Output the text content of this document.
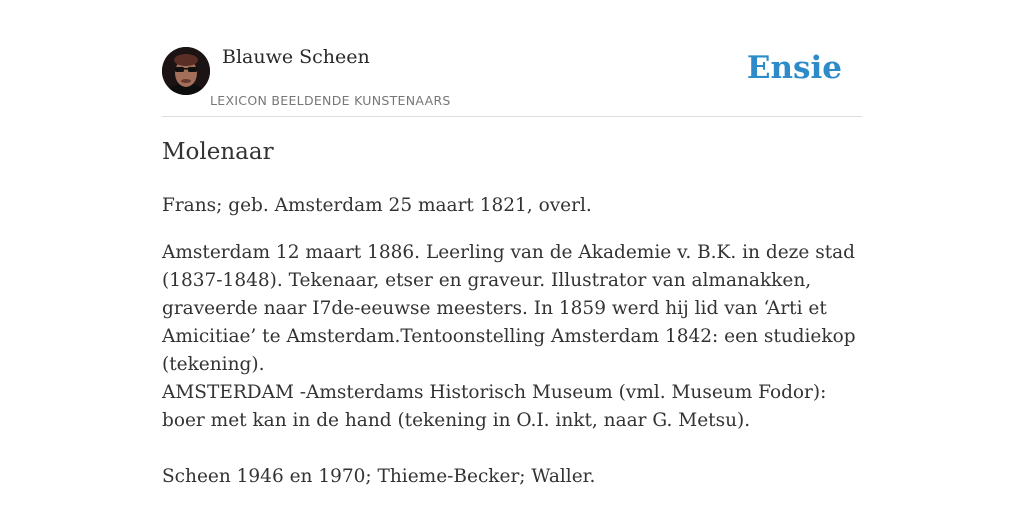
Blauwe Scheen
LEXICON BEELDENDE KUNSTENAARS
Ensie
Molenaar

Frans; geb. Amsterdam 25 maart 1821, overl.

Amsterdam 12 maart 1886. Leerling van de Akademie v. B.K. in deze stad (1837-1848). Tekenaar, etser en graveur. Illustrator van almanakken, graveerde naar I7de-eeuwse meesters. In 1859 werd hij lid van ‘Arti et Amicitiae’ te Amsterdam.Tentoonstelling Amsterdam 1842: een studiekop (tekening).

AMSTERDAM -Amsterdams Historisch Museum (vml. Museum Fodor): boer met kan in de hand (tekening in O.I. inkt, naar G. Metsu).

Scheen 1946 en 1970; Thieme-Becker; Waller.
